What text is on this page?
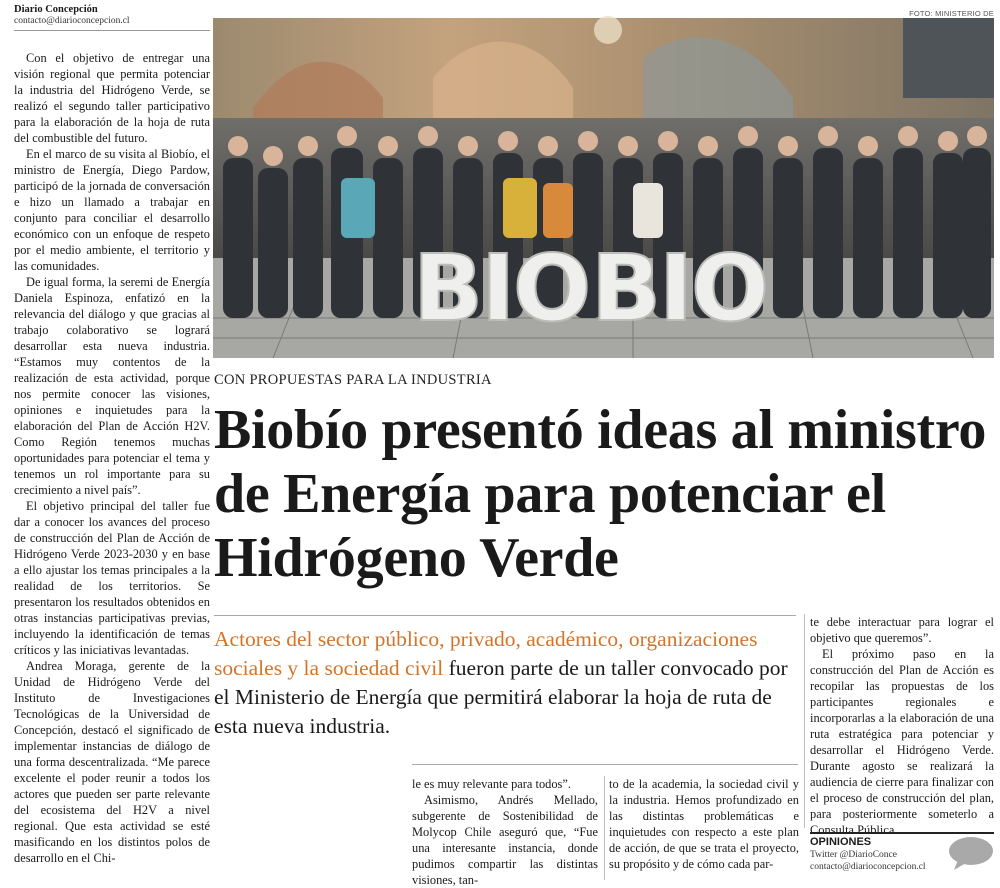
Diario Concepción
contacto@diarioconcepcion.cl

Con el objetivo de entregar una visión regional que permita potenciar la industria del Hidrógeno Verde, se realizó el segundo taller participativo para la elaboración de la hoja de ruta del combustible del futuro.

En el marco de su visita al Biobío, el ministro de Energía, Diego Pardow, participó de la jornada de conversación e hizo un llamado a trabajar en conjunto para conciliar el desarrollo económico con un enfoque de respeto por el medio ambiente, el territorio y las comunidades.

De igual forma, la seremi de Energía Daniela Espinoza, enfatizó en la relevancia del diálogo y que gracias al trabajo colaborativo se logrará desarrollar esta nueva industria. “Estamos muy contentos de la realización de esta actividad, porque nos permite conocer las visiones, opiniones e inquietudes para la elaboración del Plan de Acción H2V. Como Región tenemos muchas oportunidades para potenciar el tema y tenemos un rol importante para su crecimiento a nivel país”.

El objetivo principal del taller fue dar a conocer los avances del proceso de construcción del Plan de Acción de Hidrógeno Verde 2023-2030 y en base a ello ajustar los temas principales a la realidad de los territorios. Se presentaron los resultados obtenidos en otras instancias participativas previas, incluyendo la identificación de temas críticos y las iniciativas levantadas.

Andrea Moraga, gerente de la Unidad de Hidrógeno Verde del Instituto de Investigaciones Tecnológicas de la Universidad de Concepción, destacó el significado de implementar instancias de diálogo de una forma descentralizada. “Me parece excelente el poder reunir a todos los actores que pueden ser parte relevante del ecosistema del H2V a nivel regional. Que esta actividad se esté masificando en los distintos polos de desarrollo en el Chi-

FOTO: MINISTERIO DE
B
I
O B
I
O
CON PROPUESTAS PARA LA INDUSTRIA
Biobío presentó ideas al ministro de Energía para potenciar el Hidrógeno Verde
Actores del sector público, privado, académico, organizaciones sociales y la sociedad civil fueron parte de un taller convocado por el Ministerio de Energía que permitirá elaborar la hoja de ruta de esta nueva industria.

le es muy relevante para todos”.

Asimismo, Andrés Mellado, subgerente de Sostenibilidad de Molycop Chile aseguró que, “Fue una interesante instancia, donde pudimos compartir las distintas visiones, tan-

to de la academia, la sociedad civil y la industria. Hemos profundizado en las distintas problemáticas e inquietudes con respecto a este plan de acción, de que se trata el proyecto, su propósito y de cómo cada par-

te debe interactuar para lograr el objetivo que queremos”.

El próximo paso en la construcción del Plan de Acción es recopilar las propuestas de los participantes regionales e incorporarlas a la elaboración de una ruta estratégica para potenciar y desarrollar el Hidrógeno Verde. Durante agosto se realizará la audiencia de cierre para finalizar con el proceso de construcción del plan, para posteriormente someterlo a Consulta Pública.

OPINIONES
Twitter @DiarioConce
contacto@diarioconcepcion.cl
